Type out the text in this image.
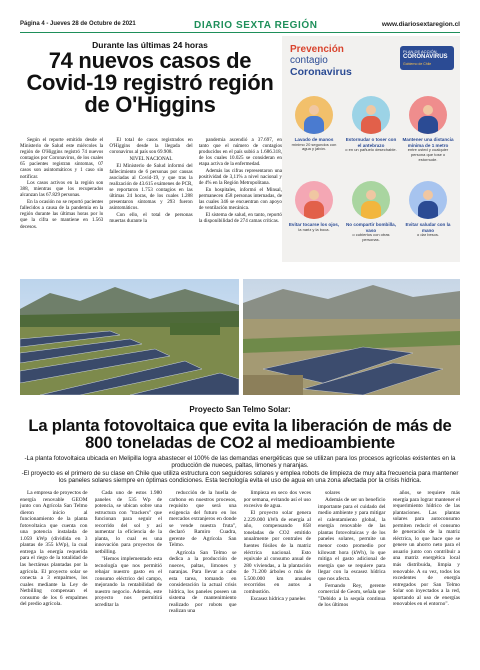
Página 4 - Jueves 28 de Octubre de 2021	DIARIO SEXTA REGIÓN	www.diariosextaregion.cl
Durante las últimas 24 horas
74 nuevos casos de Covid-19 registró región de O'Higgins

Según el reporte emitido desde el Ministerio de Salud este miércoles la región de O'Higgins registró 74 nuevos contagios por Coronavirus, de los cuales 65 pacientes registran síntomas, 07 casos son asintomáticos y 1 caso sin notificar.

Los casos activos en la región son 388, mientras que los recuperados alcanzan las 67.829 personas.

En la ocasión no se reportó pacientes fallecidos a causa de la pandemia en la región durante las últimas horas por lo que la cifra se mantiene en 1.563 decesos.

El total de casos registrados en O'Higgins desde la llegada del coronavirus al país son 69.908.

NIVEL NACIONAL

El Ministerio de Salud informó del fallecimiento de 6 personas por causas asociadas al Covid-19, y que tras la realización de 43.615 exámenes de PCR, se reportaron 1.753 contagios en las últimas 24 horas, de los cuales 1.288 presentaron síntomas y 293 fueron asintomáticos.

Con ello, el total de personas muertas durante la

pandemia ascendió a 37.697, en tanto que el número de contagios producidos en el país subió a 1.686.318, de los cuales 10.025 se consideran en etapa activa de la enfermedad.

Además las cifras representaron una positividad de 3,11% a nivel nacional y de 4% en la Región Metropolitana.

En hospitales, informó el Minsal, permanecen 458 personas internadas, de las cuales 346 se encuentran con apoyo de ventilación mecánica.

El sistema de salud, en tanto, reportó la disponibilidad de 274 camas críticas.

Prevención
contagio
Coronavirus
PLAN DE ACCIÓN
CORONAVIRUS
Gobierno de Chile
Lavado de manos
mínimo 20 segundos con agua y jabón.
Estornudar o toser con el antebrazo
o en un pañuelo desechable.
Mantener una distancia mínima de 1 metro
entre usted y cualquier persona que tose o estornude.
Evitar tocarse los ojos,
la nariz y la boca.
No compartir bombilla, vaso
o cubiertos con otras personas.
Evitar saludar con la mano
o dar besos.
Proyecto San Telmo Solar:
La planta fotovoltaica que evita la liberación de más de 800 toneladas de CO2 al medioambiente
-La planta fotovoltaica ubicada en Melipilla logra abastecer el 100% de las demandas energéticas que se utilizan para los procesos agrícolas existentes en la producción de nueces, paltas, limones y naranjas.
-El proyecto es el primero de su clase en Chile que utiliza estructura con seguidores solares y emplea robots de limpieza de muy alta frecuencia para mantener los paneles solares siempre en óptimas condiciones. Esta tecnología evita el uso de agua en una zona afectada por la crisis hídrica.

La empresa de proyectos de energía renovable GEOM junto con Agrícola San Telmo dieron inicio al funcionamiento de la planta fotovoltaica que cuenta con una potencia instalada de 1.059 kWp (dividida en 3 plantas de 355 kWp), la cual entrega la energía requerida para el riego de la totalidad de las hectáreas plantadas por la agrícola. El proyecto solar se conecta a 3 empalmes, los cuales mediante la Ley de Netbilling compensan el consumo de los 6 empalmes del predio agrícola.

Cada uno de estos 1.980 paneles de 535 Wp de potencia, se ubican sobre una estructura con "trackers" que funcionan para seguir el recorrido del sol y así aumentar la eficiencia de la planta, lo cual es una innovación para proyectos de netbilling.

"Hemos implementado esta tecnología que nos permitió rebajar nuestro gasto en el consumo eléctrico del campo, mejorando la rentabilidad de nuestro negocio. Además, este proyecto nos permitirá acreditar la

reducción de la huella de carbono en nuestros procesos, requisito que será una exigencia del futuro en los mercados extranjeros en donde se vende nuestra fruta", declaró Ramiro Cuadra, gerente de Agrícola San Telmo.

Agrícola San Telmo se dedica a la producción de nueces, paltas, limones y naranjas. Para llevar a cabo esta tarea, tomando en consideración la actual crisis hídrica, los paneles poseen un sistema de mantenimiento realizado por robots que realizan una

limpieza en seco dos veces por semana, evitando así el uso excesivo de agua.

El proyecto solar genera 2.229.000 kWh de energía al año, compensando 858 toneladas de CO2 emitido anualmente por centrales de fuentes fósiles de la matriz eléctrica nacional. Esto equivale al consumo anual de 280 viviendas, a la plantación de 71.200 árboles o más de 5.500.000 km anuales recorridos en autos a combustión.

Escasez hídrica y paneles

solares

Además de ser un beneficio importante para el cuidado del medio ambiente y para mitigar el calentamiento global, la energía renovable de las plantas fotovoltaicas y de los paneles solares, permite un menor costo promedio por kilowatt hora (kWh), lo que mitiga el gasto adicional de energía que se requiere para llegar con la escasez hídrica que nos afecta.

Fernando Rey, gerente comercial de Geom, señala que "Debido a la sequía continua de los últimos

años, se requiere más energía para lograr mantener el requerimiento hídrico de las plantaciones. Las plantas solares para autoconsumo permiten reducir el consumo de generación de la matriz eléctrica, lo que hace que se genere un ahorro neto para el usuario junto con contribuir a una matriz energética local más distribuida, limpia y renovable. A su vez, todos los excedentes de energía entregados por San Telmo Solar son inyectados a la red, aportando al uso de energías renovables en el entorno".
